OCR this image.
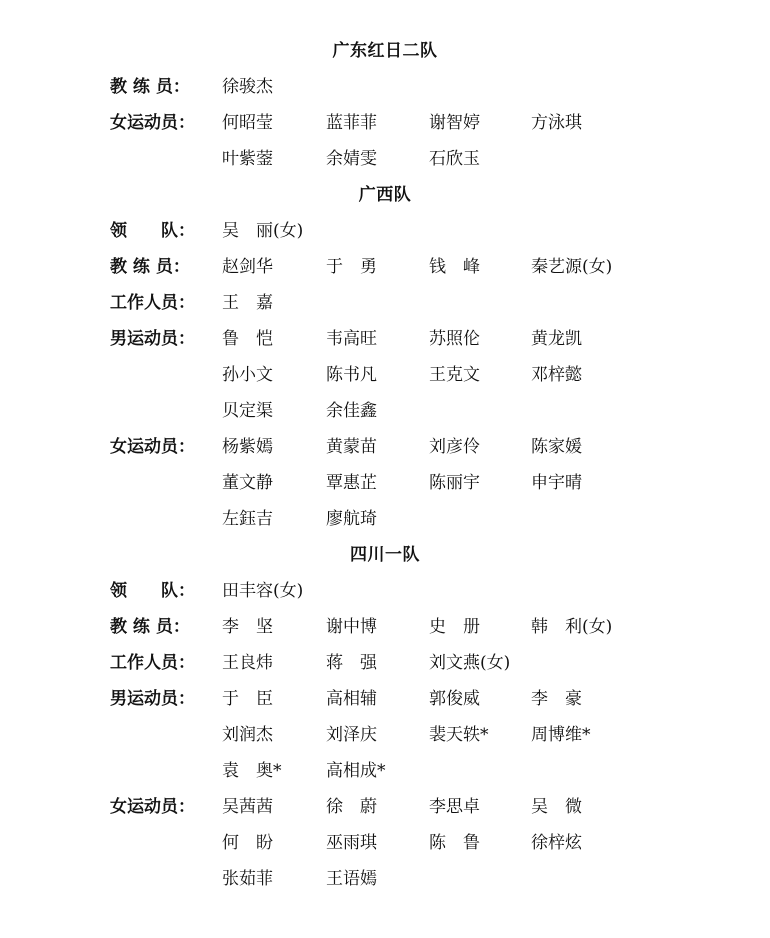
广东红日二队
教 练 员：	徐骏杰
女运动员：	何昭莹	蓝菲菲	谢智婷	方泳琪
叶紫蓥	余婧雯	石欣玉
广西队
领　　队：	吴　丽(女)
教 练 员：	赵剑华	于　勇	钱　峰	秦艺源(女)
工作人员：	王　嘉
男运动员：	鲁　恺	韦高旺	苏照伦	黄龙凯
孙小文	陈书凡	王克文	邓梓懿
贝定渠	余佳鑫
女运动员：	杨紫嫣	黄蒙苗	刘彦伶	陈家媛
董文静	覃惠芷	陈丽宇	申宇晴
左鈺吉	廖航琦
四川一队
领　　队：	田丰容(女)
教 练 员：	李　坚	谢中博	史　册	韩　利(女)
工作人员：	王良炜	蒋　强	刘文燕(女)
男运动员：	于　臣	高相辅	郭俊威	李　豪
刘润杰	刘泽庆	裴天轶*	周博维*
袁　奥*	高相成*
女运动员：	吴茜茜	徐　蔚	李思卓	吴　微
何　盼	巫雨琪	陈　鲁	徐梓炫
张茹菲	王语嫣
